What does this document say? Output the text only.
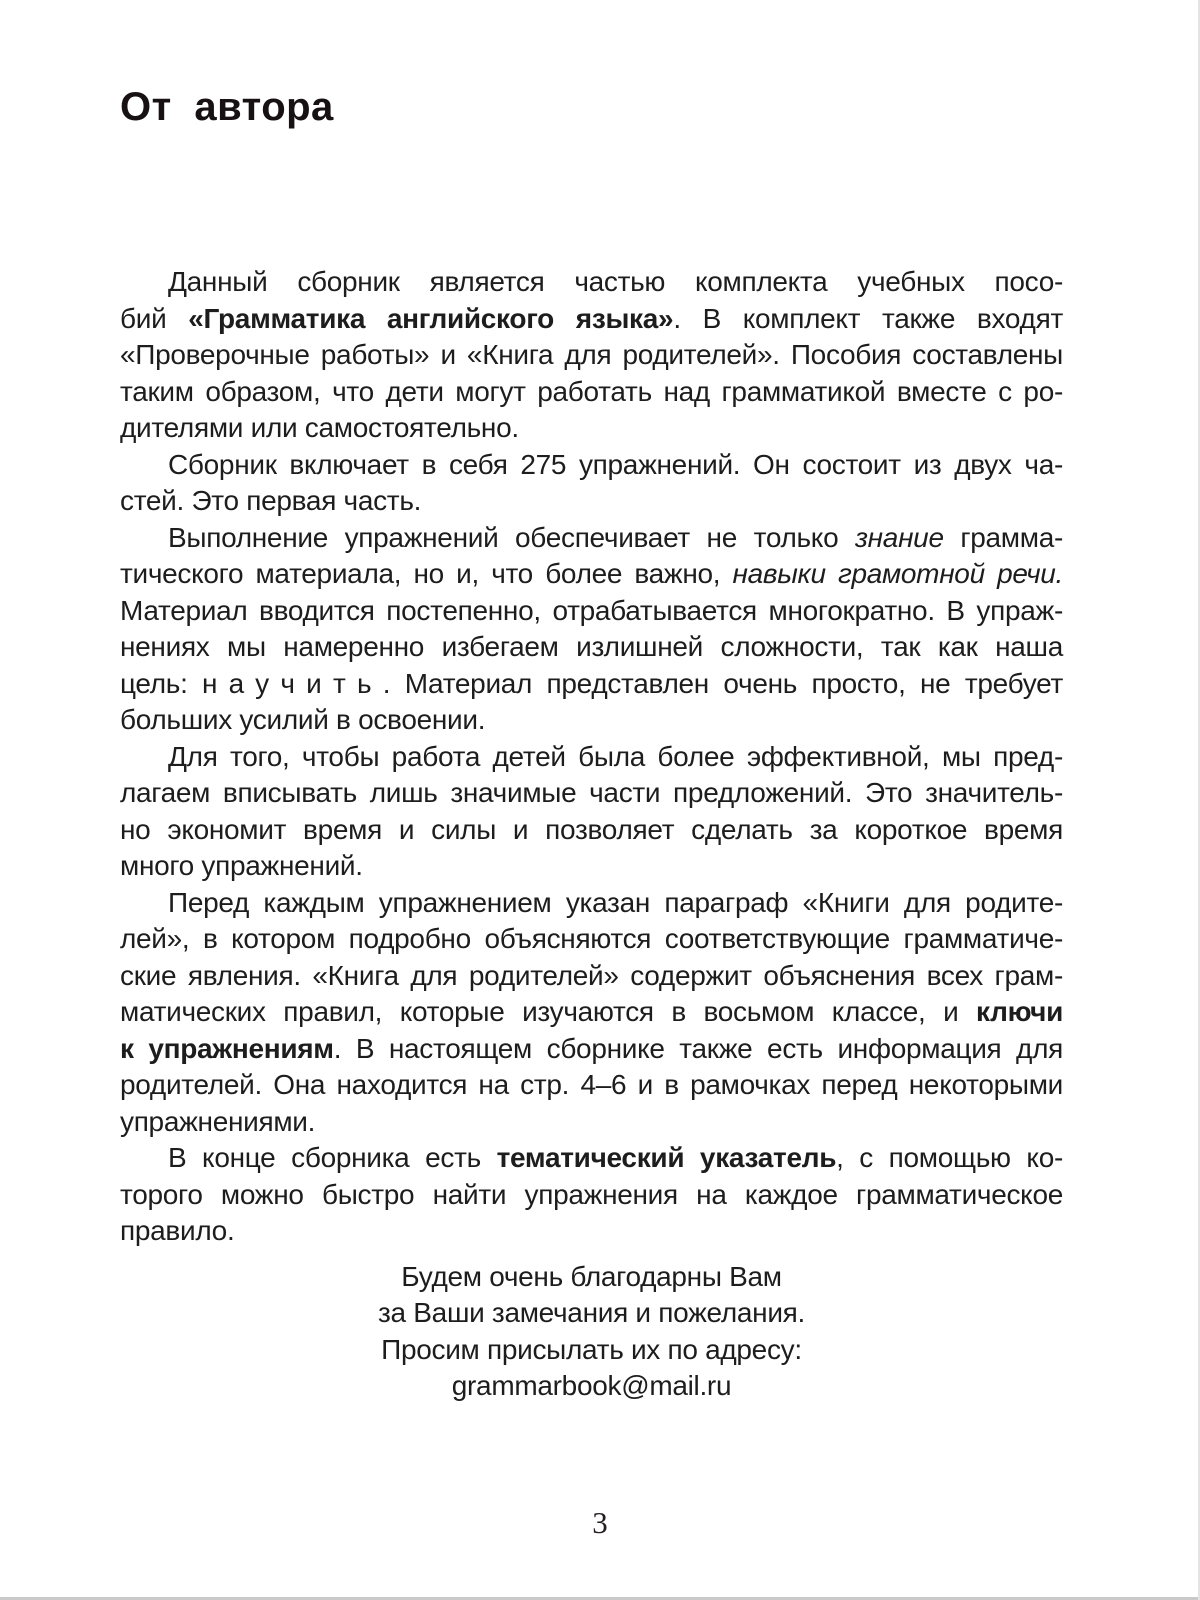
От автора
Данный сборник является частью комплекта учебных посо-
бий «Грамматика английского языка». В комплект также входят
«Проверочные работы» и «Книга для родителей». Пособия составлены
таким образом, что дети могут работать над грамматикой вместе с ро-
дителями или самостоятельно.
Сборник включает в себя 275 упражнений. Он состоит из двух ча-
стей. Это первая часть.
Выполнение упражнений обеспечивает не только знание грамма-
тического материала, но и, что более важно, навыки грамотной речи.
Материал вводится постепенно, отрабатывается многократно. В упраж-
нениях мы намеренно избегаем излишней сложности, так как наша
цель: научить. Материал представлен очень просто, не требует
больших усилий в освоении.
Для того, чтобы работа детей была более эффективной, мы пред-
лагаем вписывать лишь значимые части предложений. Это значитель-
но экономит время и силы и позволяет сделать за короткое время
много упражнений.
Перед каждым упражнением указан параграф «Книги для родите-
лей», в котором подробно объясняются соответствующие грамматиче-
ские явления. «Книга для родителей» содержит объяснения всех грам-
матических правил, которые изучаются в восьмом классе, и ключи
к упражнениям. В настоящем сборнике также есть информация для
родителей. Она находится на стр. 4–6 и в рамочках перед некоторыми
упражнениями.
В конце сборника есть тематический указатель, с помощью ко-
торого можно быстро найти упражнения на каждое грамматическое
правило.
Будем очень благодарны Вам
за Ваши замечания и пожелания.
Просим присылать их по адресу:
grammarbook@mail.ru
3
